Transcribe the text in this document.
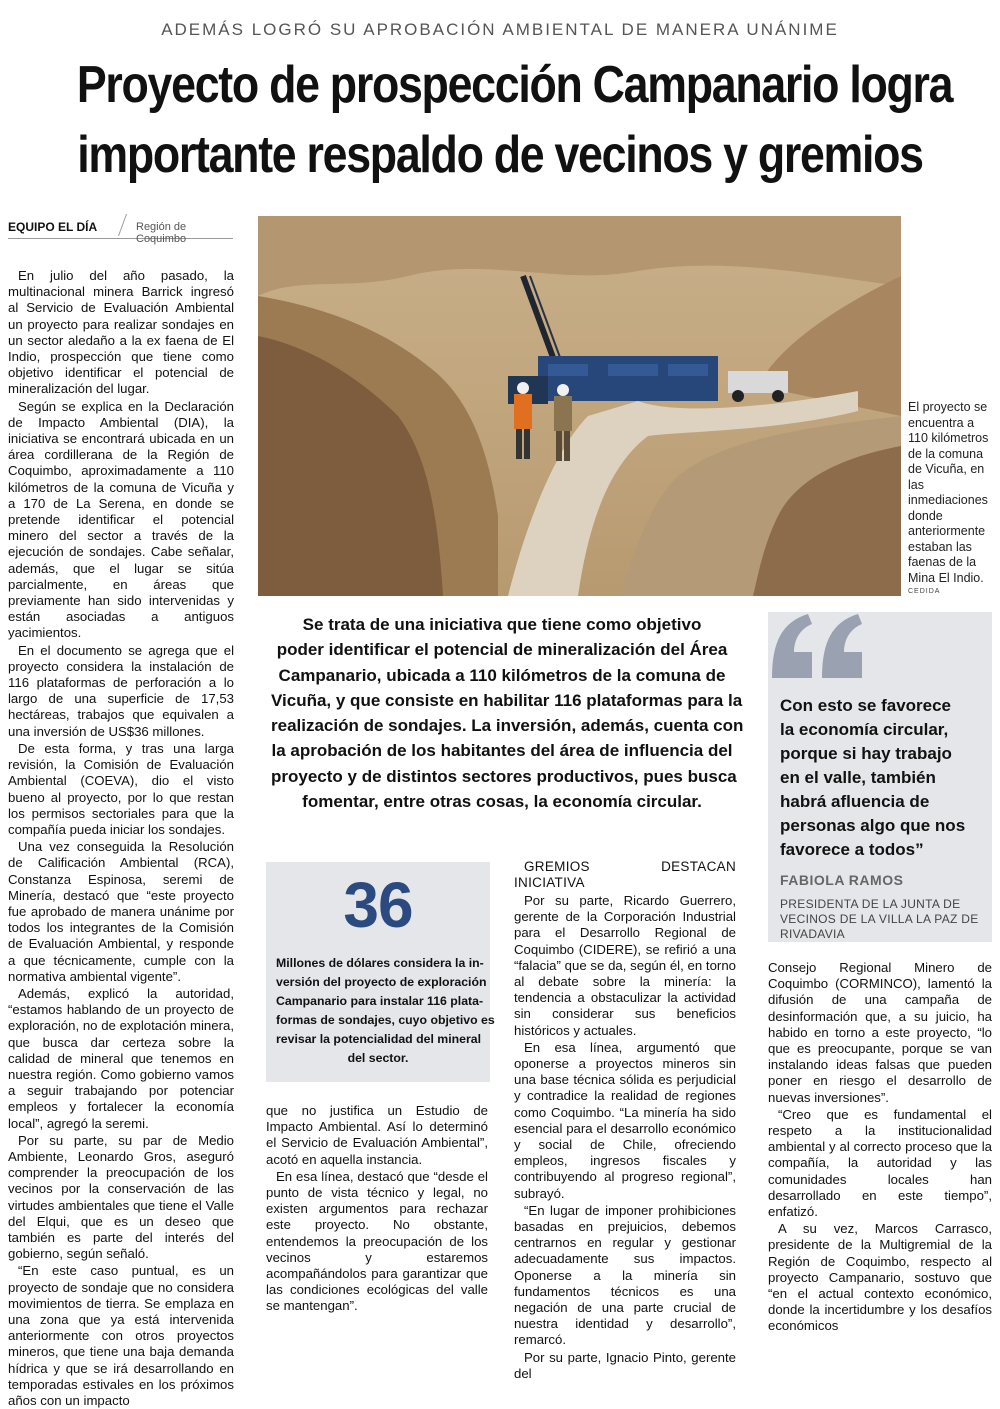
ADEMÁS LOGRÓ SU APROBACIÓN AMBIENTAL DE MANERA UNÁNIME
Proyecto de prospección Campanario logra
importante respaldo de vecinos y gremios
EQUIPO EL DÍA	Región de Coquimbo

En julio del año pasado, la multinacional minera Barrick ingresó al Servicio de Evaluación Ambiental un proyecto para realizar sondajes en un sector aledaño a la ex faena de El Indio, prospección que tiene como objetivo identificar el potencial de mineralización del lugar.

Según se explica en la Declaración de Impacto Ambiental (DIA), la iniciativa se encontrará ubicada en un área cordillerana de la Región de Coquimbo, aproximadamente a 110 kilómetros de la comuna de Vicuña y a 170 de La Serena, en donde se pretende identificar el potencial minero del sector a través de la ejecución de sondajes. Cabe señalar, además, que el lugar se sitúa parcialmente, en áreas que previamente han sido intervenidas y están asociadas a antiguos yacimientos.

En el documento se agrega que el proyecto considera la instalación de 116 plataformas de perforación a lo largo de una superficie de 17,53 hectáreas, trabajos que equivalen a una inversión de US$36 millones.

De esta forma, y tras una larga revisión, la Comisión de Evaluación Ambiental (COEVA), dio el visto bueno al proyecto, por lo que restan los permisos sectoriales para que la compañía pueda iniciar los sondajes.

Una vez conseguida la Resolución de Calificación Ambiental (RCA), Constanza Espinosa, seremi de Minería, destacó que “este proyecto fue aprobado de manera unánime por todos los integrantes de la Comisión de Evaluación Ambiental, y responde a que técnicamente, cumple con la normativa ambiental vigente”.

Además, explicó la autoridad, “estamos hablando de un proyecto de exploración, no de explotación minera, que busca dar certeza sobre la calidad de mineral que tenemos en nuestra región. Como gobierno vamos a seguir trabajando por potenciar empleos y fortalecer la economía local”, agregó la seremi.

Por su parte, su par de Medio Ambiente, Leonardo Gros, aseguró comprender la preocupación de los vecinos por la conservación de las virtudes ambientales que tiene el Valle del Elqui, que es un deseo que también es parte del interés del gobierno, según señaló.

“En este caso puntual, es un proyecto de sondaje que no considera movimientos de tierra. Se emplaza en una zona que ya está intervenida anteriormente con otros proyectos mineros, que tiene una baja demanda hídrica y que se irá desarrollando en temporadas estivales en los próximos años con un impacto

El proyecto se encuentra a 110 kilómetros de la comuna de Vicuña, en las inmediaciones donde anteriormente estaban las faenas de la Mina El Indio.
CEDIDA
Se trata de una iniciativa que tiene como objetivo
poder identificar el potencial de mineralización del Área
Campanario, ubicada a 110 kilómetros de la comuna de
Vicuña, y que consiste en habilitar 116 plataformas para la
realización de sondajes. La inversión, además, cuenta con
la aprobación de los habitantes del área de influencia del
proyecto y de distintos sectores productivos, pues busca
fomentar, entre otras cosas, la economía circular.
Con esto se favorece
la economía circular,
porque si hay trabajo
en el valle, también
habrá afluencia de
personas algo que nos
favorece a todos”
FABIOLA RAMOS
PRESIDENTA DE LA JUNTA DE VECINOS DE LA VILLA LA PAZ DE RIVADAVIA
36
Millones de dólares considera la in-
versión del proyecto de exploración
Campanario para instalar 116 plata-
formas de sondajes, cuyo objetivo es
revisar la potencialidad del mineral
del sector.

que no justifica un Estudio de Impacto Ambiental. Así lo determinó el Servicio de Evaluación Ambiental”, acotó en aquella instancia.

En esa línea, destacó que “desde el punto de vista técnico y legal, no existen argumentos para rechazar este proyecto. No obstante, entendemos la preocupación de los vecinos y estaremos acompañándolos para garantizar que las condiciones ecológicas del valle se mantengan”.

GREMIOS DESTACAN INICIATIVA

Por su parte, Ricardo Guerrero, gerente de la Corporación Industrial para el Desarrollo Regional de Coquimbo (CIDERE), se refirió a una “falacia” que se da, según él, en torno al debate sobre la minería: la tendencia a obstaculizar la actividad sin considerar sus beneficios históricos y actuales.

En esa línea, argumentó que oponerse a proyectos mineros sin una base técnica sólida es perjudicial y contradice la realidad de regiones como Coquimbo. “La minería ha sido esencial para el desarrollo económico y social de Chile, ofreciendo empleos, ingresos fiscales y contribuyendo al progreso regional”, subrayó.

“En lugar de imponer prohibiciones basadas en prejuicios, debemos centrarnos en regular y gestionar adecuadamente sus impactos. Oponerse a la minería sin fundamentos técnicos es una negación de una parte crucial de nuestra identidad y desarrollo”, remarcó.

Por su parte, Ignacio Pinto, gerente del

Consejo Regional Minero de Coquimbo (CORMINCO), lamentó la difusión de una campaña de desinformación que, a su juicio, ha habido en torno a este proyecto, “lo que es preocupante, porque se van instalando ideas falsas que pueden poner en riesgo el desarrollo de nuevas inversiones”.

“Creo que es fundamental el respeto a la institucionalidad ambiental y al correcto proceso que la compañía, la autoridad y las comunidades locales han desarrollado en este tiempo”, enfatizó.

A su vez, Marcos Carrasco, presidente de la Multigremial de la Región de Coquimbo, respecto al proyecto Campanario, sostuvo que “en el actual contexto económico, donde la incertidumbre y los desafíos económicos
